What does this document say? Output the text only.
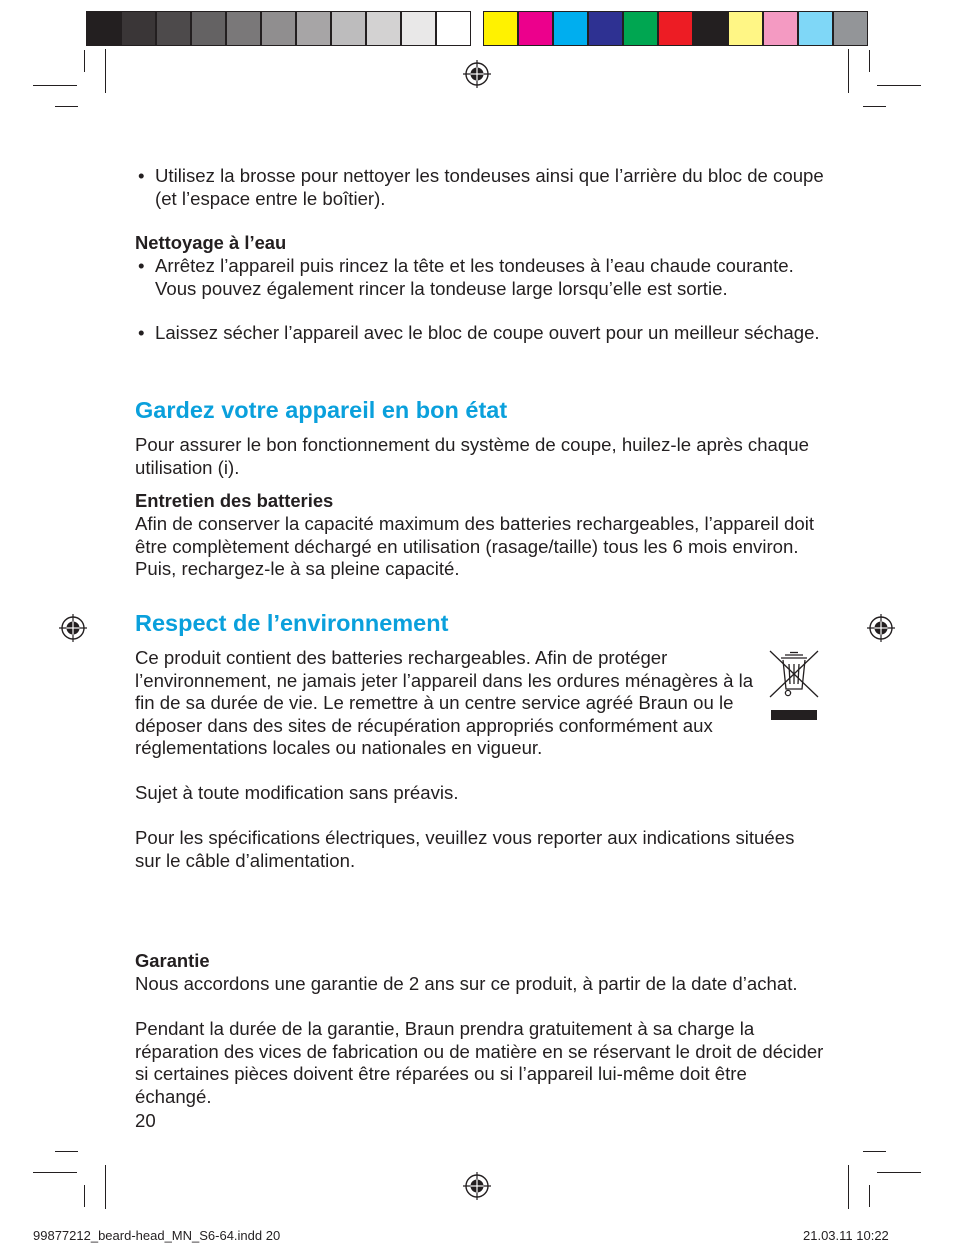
• Utilisez la brosse pour nettoyer les tondeuses ainsi que l’arrière du bloc de coupe (et l’espace entre le boîtier).

Nettoyage à l’eau

• Arrêtez l’appareil puis rincez la tête et les tondeuses à l’eau chaude courante. Vous pouvez également rincer la tondeuse large lorsqu’elle est sortie.

• Laissez sécher l’appareil avec le bloc de coupe ouvert pour un meilleur séchage.

Gardez votre appareil en bon état

Pour assurer le bon fonctionnement du système de coupe, huilez-le après chaque utilisation (i).

Entretien des batteries

Afin de conserver la capacité maximum des batteries rechargeables, l’appareil doit être complètement déchargé en utilisation (rasage/taille) tous les 6 mois environ. Puis, rechargez-le à sa pleine capacité.

Respect de l’environnement

Ce produit contient des batteries rechargeables. Afin de protéger l’environnement, ne jamais jeter l’appareil dans les ordures ménagères à la fin de sa durée de vie. Le remettre à un centre service agréé Braun ou le déposer dans des sites de récupération appropriés conformément aux réglementations locales ou nationales en vigueur.

Sujet à toute modification sans préavis.

Pour les spécifications électriques, veuillez vous reporter aux indications situées sur le câble d’alimentation.

Garantie

Nous accordons une garantie de 2 ans sur ce produit, à partir de la date d’achat.

Pendant la durée de la garantie, Braun prendra gratuitement à sa charge la réparation des vices de fabrication ou de matière en se réservant le droit de décider si certaines pièces doivent être réparées ou si l’appareil lui-même doit être échangé.

20
99877212_beard-head_MN_S6-64.indd 20	21.03.11 10:22
